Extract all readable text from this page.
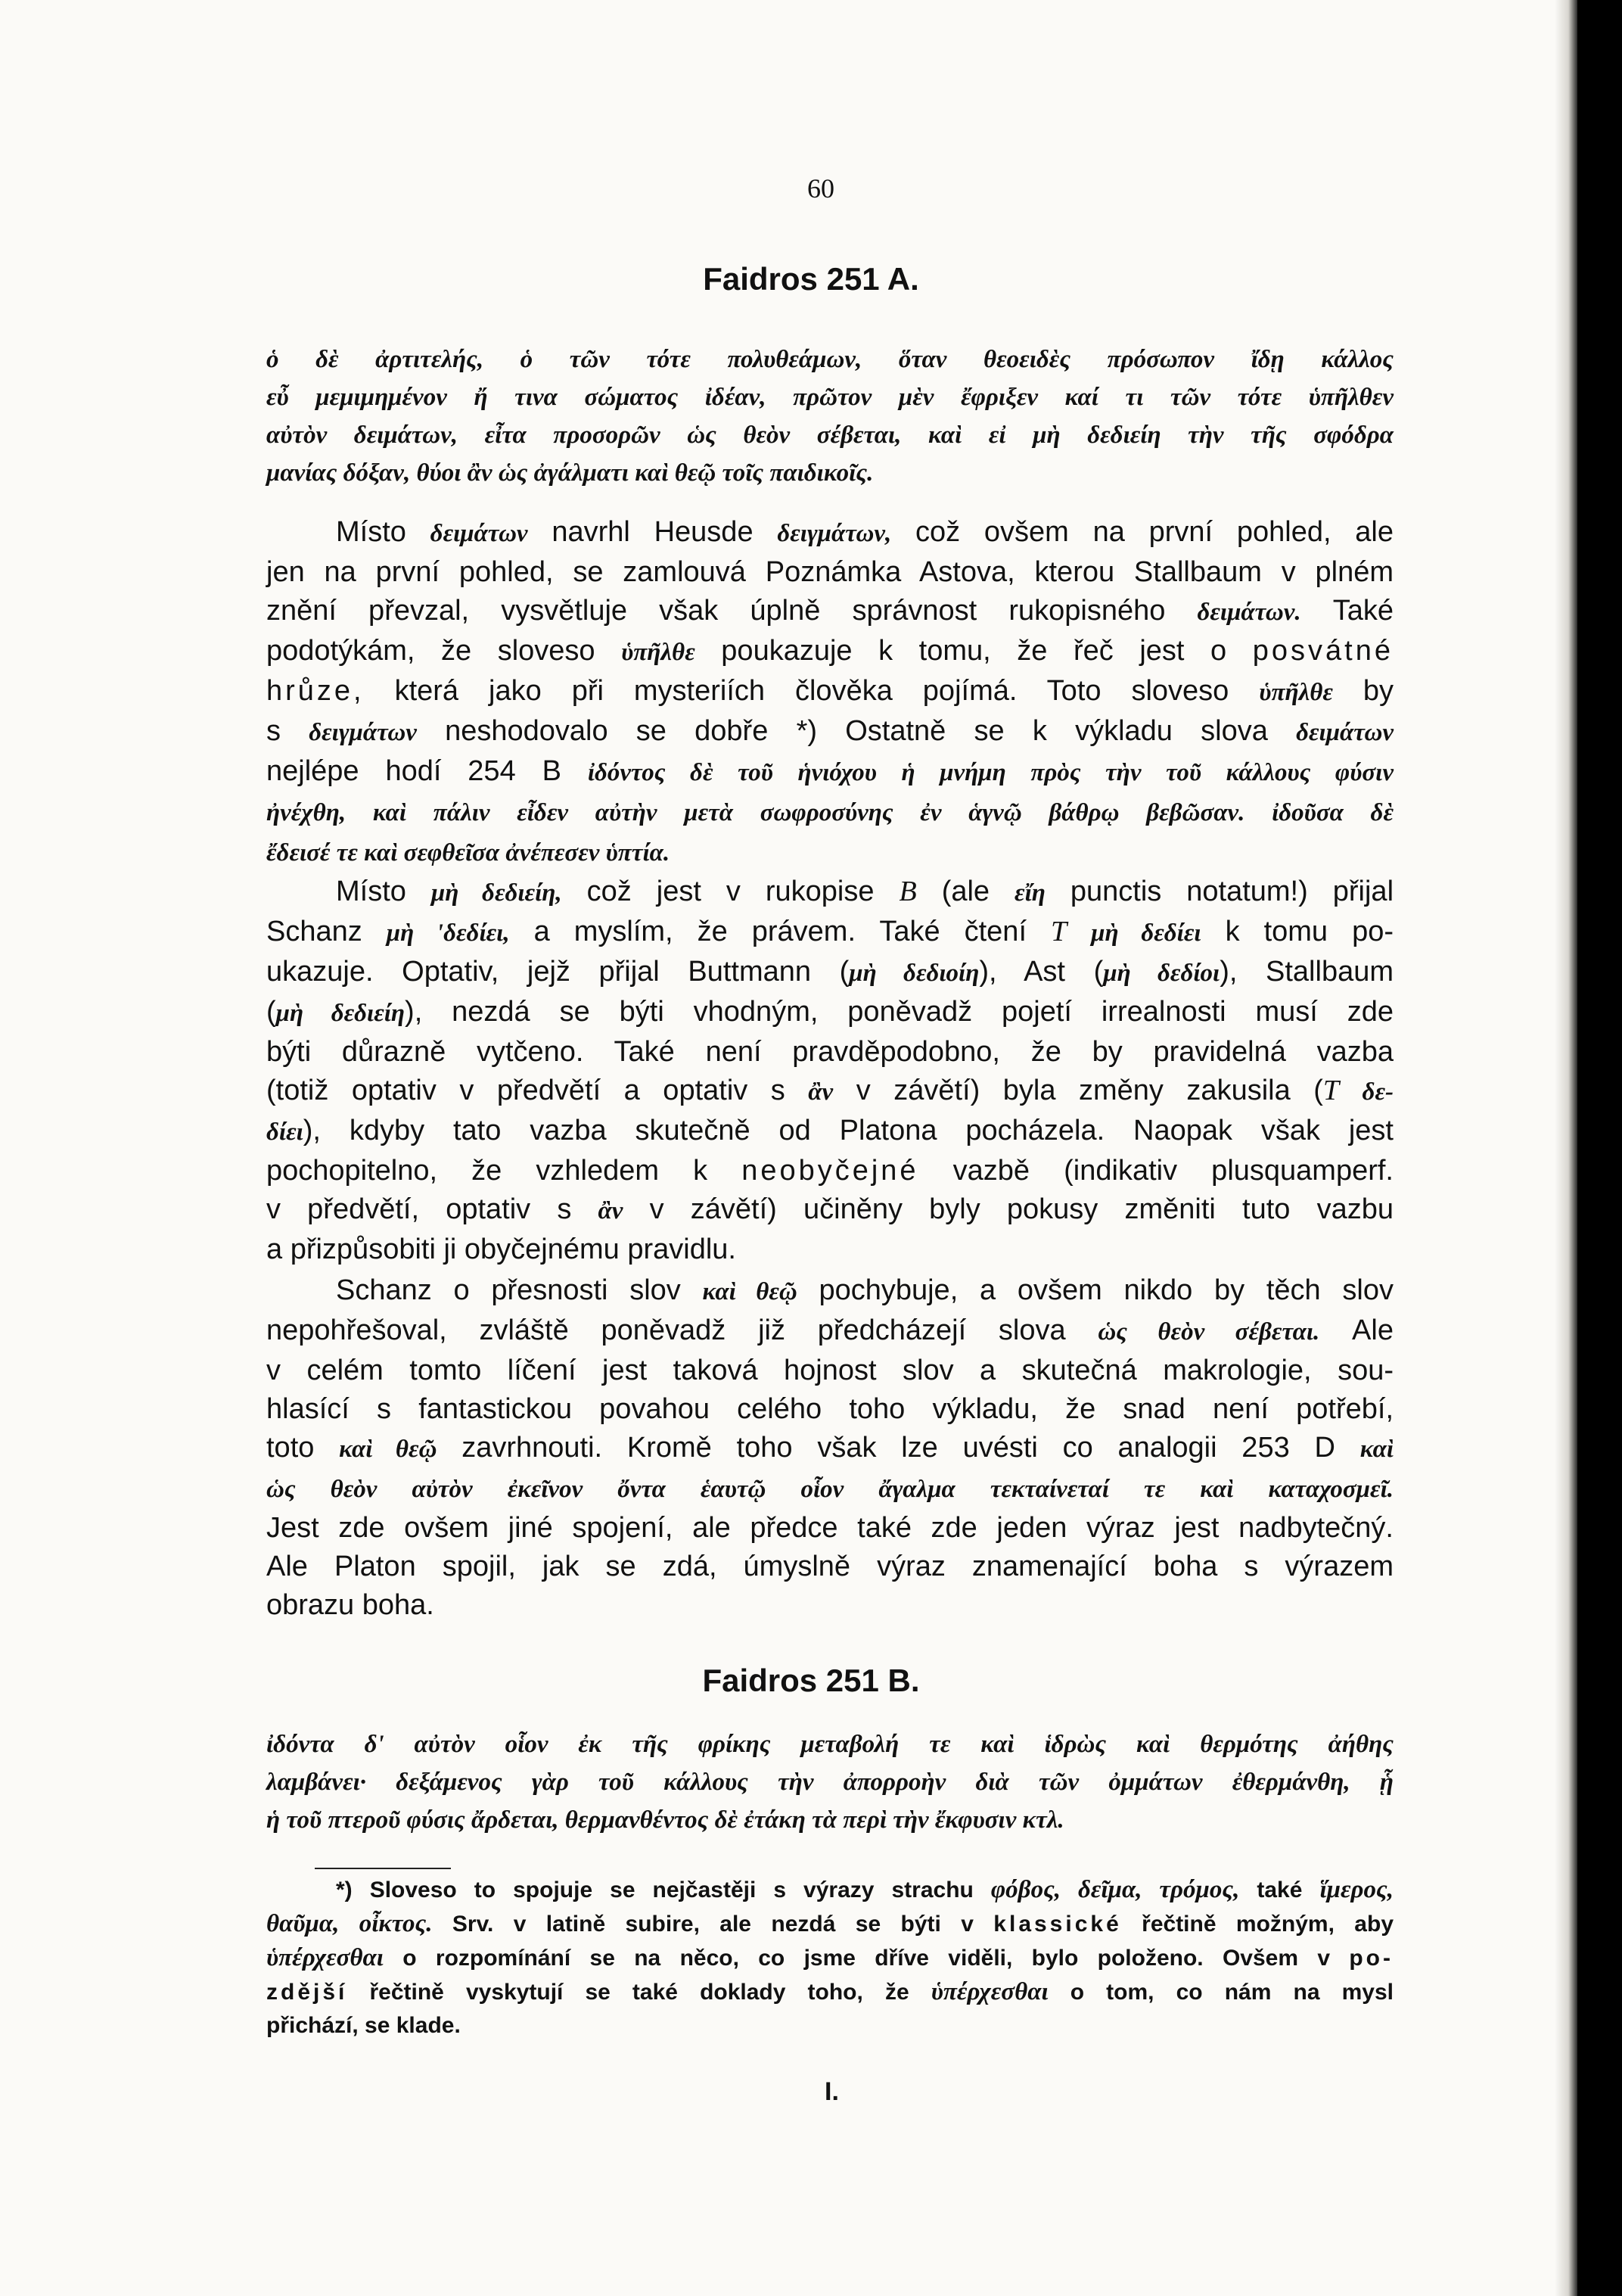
60
Faidros 251 A.
ὁ δὲ ἀρτιτελής, ὁ τῶν τότε πολυθεάμων, ὅταν θεοειδὲς πρόσωπον ἴδῃ κάλλος
εὖ μεμιμημένον ἤ τινα σώματος ἰδέαν, πρῶτον μὲν ἔφριξεν καί τι τῶν τότε ὑπῆλθεν
αὐτὸν δειμάτων, εἶτα προσορῶν ὡς θεὸν σέβεται, καὶ εἰ μὴ δεδιείη τὴν τῆς σφόδρα
μανίας δόξαν, θύοι ἂν ὡς ἀγάλματι καὶ θεῷ τοῖς παιδικοῖς.
Místo δειμάτων navrhl Heusde δειγμάτων, což ovšem na první pohled, ale
jen na první pohled, se zamlouvá Poznámka Astova, kterou Stallbaum v plném
znění převzal, vysvětluje však úplně správnost rukopisného δειμάτων. Také
podotýkám, že sloveso ὑπῆλθε poukazuje k tomu, že řeč jest o posvátné
hrůze, která jako při mysteriích člověka pojímá. Toto sloveso ὑπῆλθε by
s δειγμάτων neshodovalo se dobře *) Ostatně se k výkladu slova δειμάτων
nejlépe hodí 254 B ἰδόντος δὲ τοῦ ἡνιόχου ἡ μνήμη πρὸς τὴν τοῦ κάλλους φύσιν
ἠνέχθη, καὶ πάλιν εἶδεν αὐτὴν μετὰ σωφροσύνης ἐν ἁγνῷ βάθρῳ βεβῶσαν. ἰδοῦσα δὲ
ἔδεισέ τε καὶ σεφθεῖσα ἀνέπεσεν ὑπτία.
Místo μὴ δεδιείη, což jest v rukopise B (ale εἴη punctis notatum!) přijal
Schanz μὴ 'δεδίει, a myslím, že právem. Také čtení T μὴ δεδίει k tomu po-
ukazuje. Optativ, jejž přijal Buttmann (μὴ δεδιοίη), Ast (μὴ δεδίοι), Stallbaum
(μὴ δεδιείη), nezdá se býti vhodným, poněvadž pojetí irrealnosti musí zde
býti důrazně vytčeno. Také není pravděpodobno, že by pravidelná vazba
(totiž optativ v předvětí a optativ s ἂν v závětí) byla změny zakusila (T δε-
δίει), kdyby tato vazba skutečně od Platona pocházela. Naopak však jest
pochopitelno, že vzhledem k neobyčejné vazbě (indikativ plusquamperf.
v předvětí, optativ s ἂν v závětí) učiněny byly pokusy změniti tuto vazbu
a přizpůsobiti ji obyčejnému pravidlu.
Schanz o přesnosti slov καὶ θεῷ pochybuje, a ovšem nikdo by těch slov
nepohřešoval, zvláště poněvadž již předcházejí slova ὡς θεὸν σέβεται. Ale
v celém tomto líčení jest taková hojnost slov a skutečná makrologie, sou-
hlasící s fantastickou povahou celého toho výkladu, že snad není potřebí,
toto καὶ θεῷ zavrhnouti. Kromě toho však lze uvésti co analogii 253 D καὶ
ὡς θεὸν αὐτὸν ἐκεῖνον ὄντα ἑαυτῷ οἷον ἄγαλμα τεκταίνεταί τε καὶ καταχοσμεῖ.
Jest zde ovšem jiné spojení, ale předce také zde jeden výraz jest nadbytečný.
Ale Platon spojil, jak se zdá, úmyslně výraz znamenající boha s výrazem
obrazu boha.
Faidros 251 B.
ἰδόντα δ' αὐτὸν οἷον ἐκ τῆς φρίκης μεταβολή τε καὶ ἱδρὼς καὶ θερμότης ἀήθης
λαμβάνει· δεξάμενος γὰρ τοῦ κάλλους τὴν ἀπορροὴν διὰ τῶν ὀμμάτων ἐθερμάνθη, ᾗ
ἡ τοῦ πτεροῦ φύσις ἄρδεται, θερμανθέντος δὲ ἐτάκη τὰ περὶ τὴν ἔκφυσιν κτλ.
*) Sloveso to spojuje se nejčastěji s výrazy strachu φόβος, δεῖμα, τρόμος, také ἵμερος,
θαῦμα, οἶκτος. Srv. v latině subire, ale nezdá se býti v klassické řečtině možným, aby
ὑπέρχεσθαι o rozpomínání se na něco, co jsme dříve viděli, bylo položeno. Ovšem v po-
zdější řečtině vyskytují se také doklady toho, že ὑπέρχεσθαι o tom, co nám na mysl
přichází, se klade.
I.
